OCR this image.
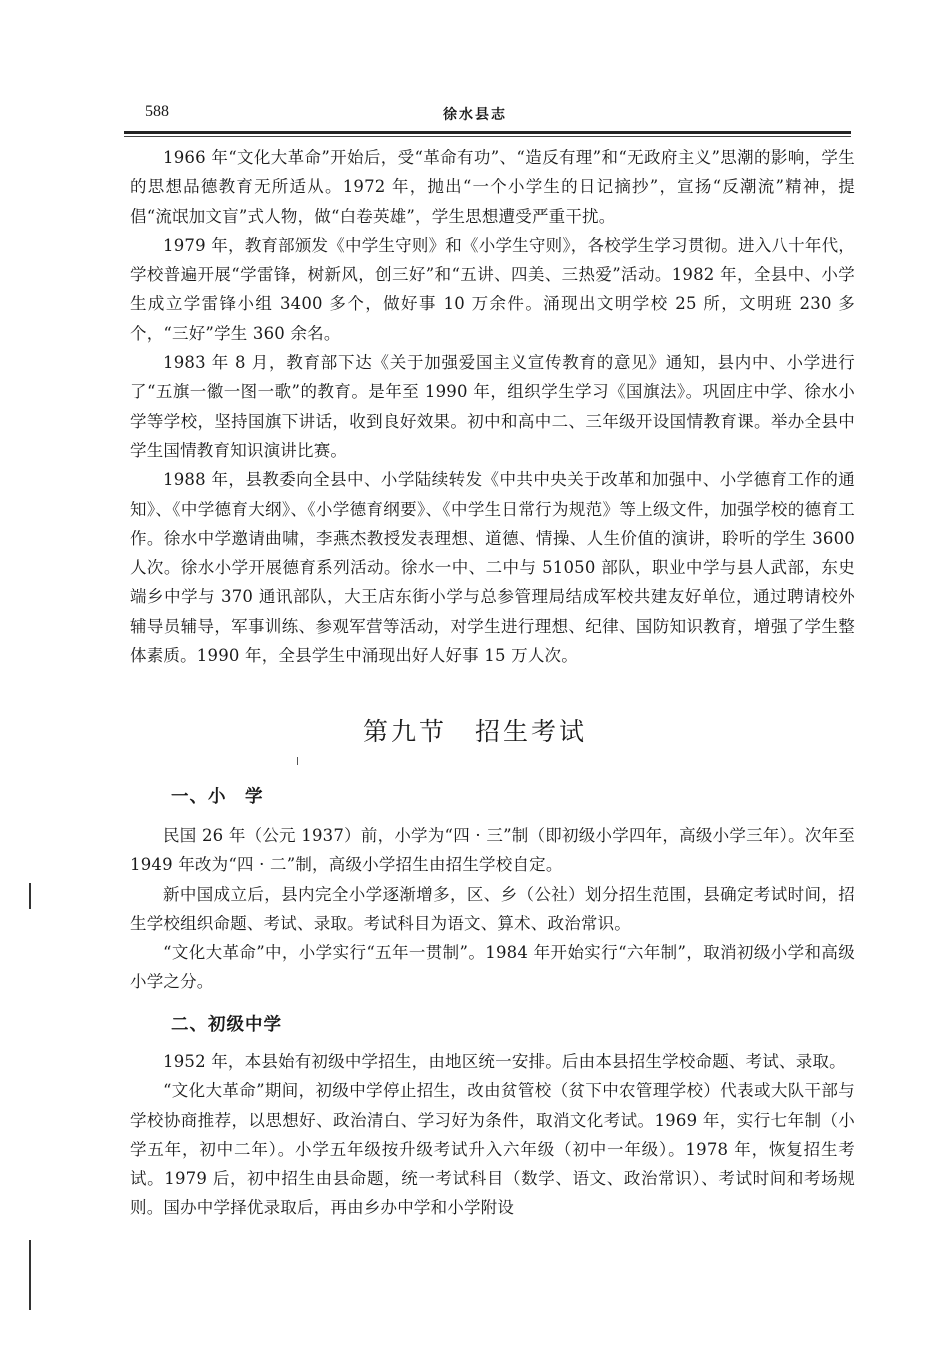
588	徐水县志

1966 年“文化大革命”开始后，受“革命有功”、“造反有理”和“无政府主义”思潮的影响，学生的思想品德教育无所适从。1972 年，抛出“一个小学生的日记摘抄”，宣扬“反潮流”精神，提倡“流氓加文盲”式人物，做“白卷英雄”，学生思想遭受严重干扰。

1979 年，教育部颁发《中学生守则》和《小学生守则》，各校学生学习贯彻。进入八十年代，学校普遍开展“学雷锋，树新风，创三好”和“五讲、四美、三热爱”活动。1982 年，全县中、小学生成立学雷锋小组 3400 多个，做好事 10 万余件。涌现出文明学校 25 所，文明班 230 多个，“三好”学生 360 余名。

1983 年 8 月，教育部下达《关于加强爱国主义宣传教育的意见》通知，县内中、小学进行了“五旗一徽一图一歌”的教育。是年至 1990 年，组织学生学习《国旗法》。巩固庄中学、徐水小学等学校，坚持国旗下讲话，收到良好效果。初中和高中二、三年级开设国情教育课。举办全县中学生国情教育知识演讲比赛。

1988 年，县教委向全县中、小学陆续转发《中共中央关于改革和加强中、小学德育工作的通知》、《中学德育大纲》、《小学德育纲要》、《中学生日常行为规范》等上级文件，加强学校的德育工作。徐水中学邀请曲啸，李燕杰教授发表理想、道德、情操、人生价值的演讲，聆听的学生 3600 人次。徐水小学开展德育系列活动。徐水一中、二中与 51050 部队，职业中学与县人武部，东史端乡中学与 370 通讯部队，大王店东街小学与总参管理局结成军校共建友好单位，通过聘请校外辅导员辅导，军事训练、参观军营等活动，对学生进行理想、纪律、国防知识教育，增强了学生整体素质。1990 年，全县学生中涌现出好人好事 15 万人次。

第九节　招生考试
一、小　学

民国 26 年（公元 1937）前，小学为“四 · 三”制（即初级小学四年，高级小学三年）。次年至 1949 年改为“四 · 二”制，高级小学招生由招生学校自定。

新中国成立后，县内完全小学逐渐增多，区、乡（公社）划分招生范围，县确定考试时间，招生学校组织命题、考试、录取。考试科目为语文、算术、政治常识。

“文化大革命”中，小学实行“五年一贯制”。1984 年开始实行“六年制”，取消初级小学和高级小学之分。

二、初级中学

1952 年，本县始有初级中学招生，由地区统一安排。后由本县招生学校命题、考试、录取。

“文化大革命”期间，初级中学停止招生，改由贫管校（贫下中农管理学校）代表或大队干部与学校协商推荐，以思想好、政治清白、学习好为条件，取消文化考试。1969 年，实行七年制（小学五年，初中二年）。小学五年级按升级考试升入六年级（初中一年级）。1978 年，恢复招生考试。1979 后，初中招生由县命题，统一考试科目（数学、语文、政治常识）、考试时间和考场规则。国办中学择优录取后，再由乡办中学和小学附设
